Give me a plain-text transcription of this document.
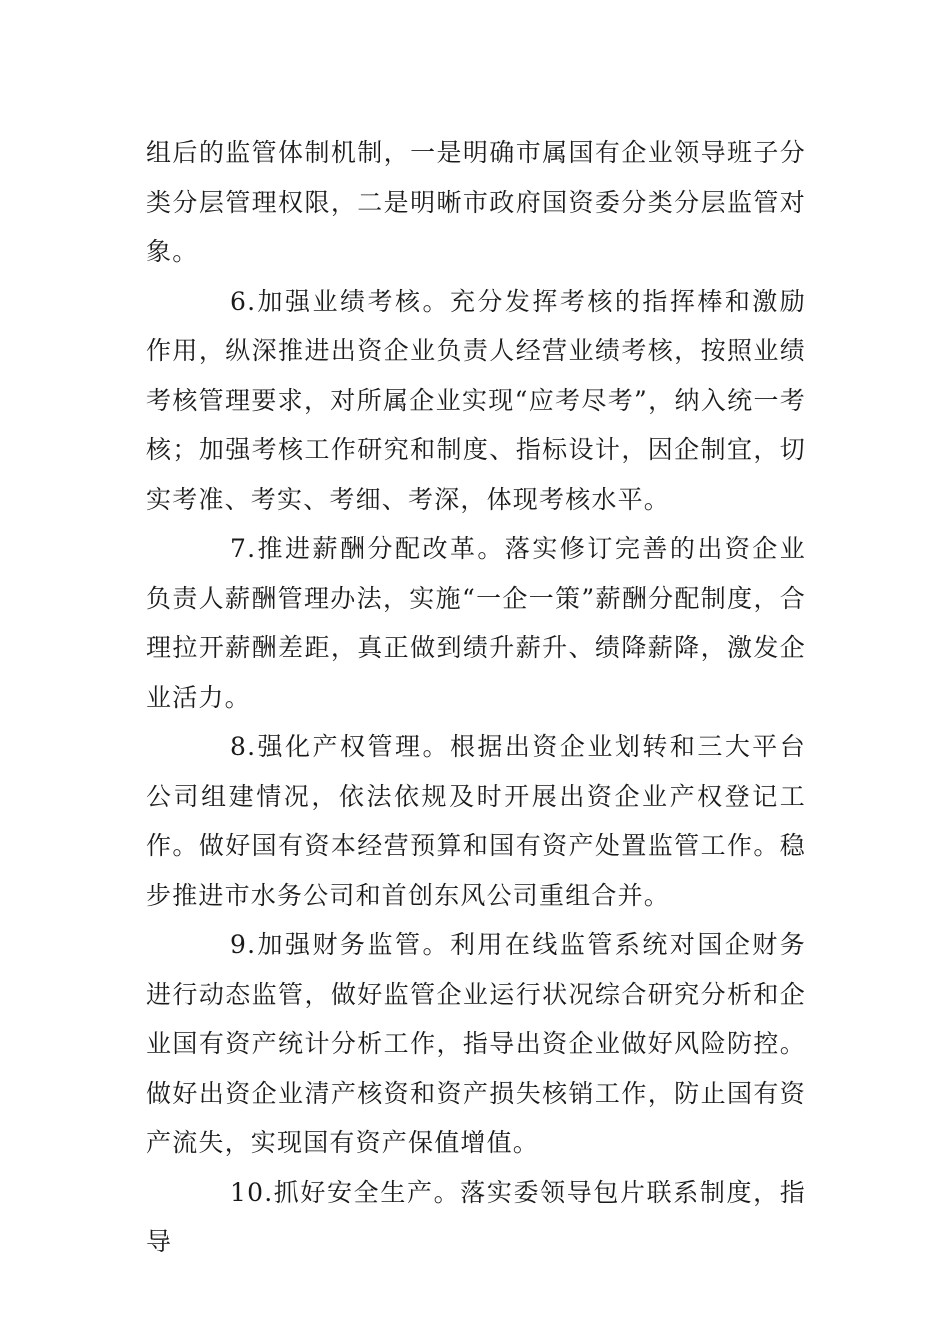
组后的监管体制机制，一是明确市属国有企业领导班子分类分层管理权限，二是明晰市政府国资委分类分层监管对象。

6.加强业绩考核。充分发挥考核的指挥棒和激励作用，纵深推进出资企业负责人经营业绩考核，按照业绩考核管理要求，对所属企业实现“应考尽考”，纳入统一考核；加强考核工作研究和制度、指标设计，因企制宜，切实考准、考实、考细、考深，体现考核水平。

7.推进薪酬分配改革。落实修订完善的出资企业负责人薪酬管理办法，实施“一企一策”薪酬分配制度，合理拉开薪酬差距，真正做到绩升薪升、绩降薪降，激发企业活力。

8.强化产权管理。根据出资企业划转和三大平台公司组建情况，依法依规及时开展出资企业产权登记工作。做好国有资本经营预算和国有资产处置监管工作。稳步推进市水务公司和首创东风公司重组合并。

9.加强财务监管。利用在线监管系统对国企财务进行动态监管，做好监管企业运行状况综合研究分析和企业国有资产统计分析工作，指导出资企业做好风险防控。做好出资企业清产核资和资产损失核销工作，防止国有资产流失，实现国有资产保值增值。

10.抓好安全生产。落实委领导包片联系制度，指导
